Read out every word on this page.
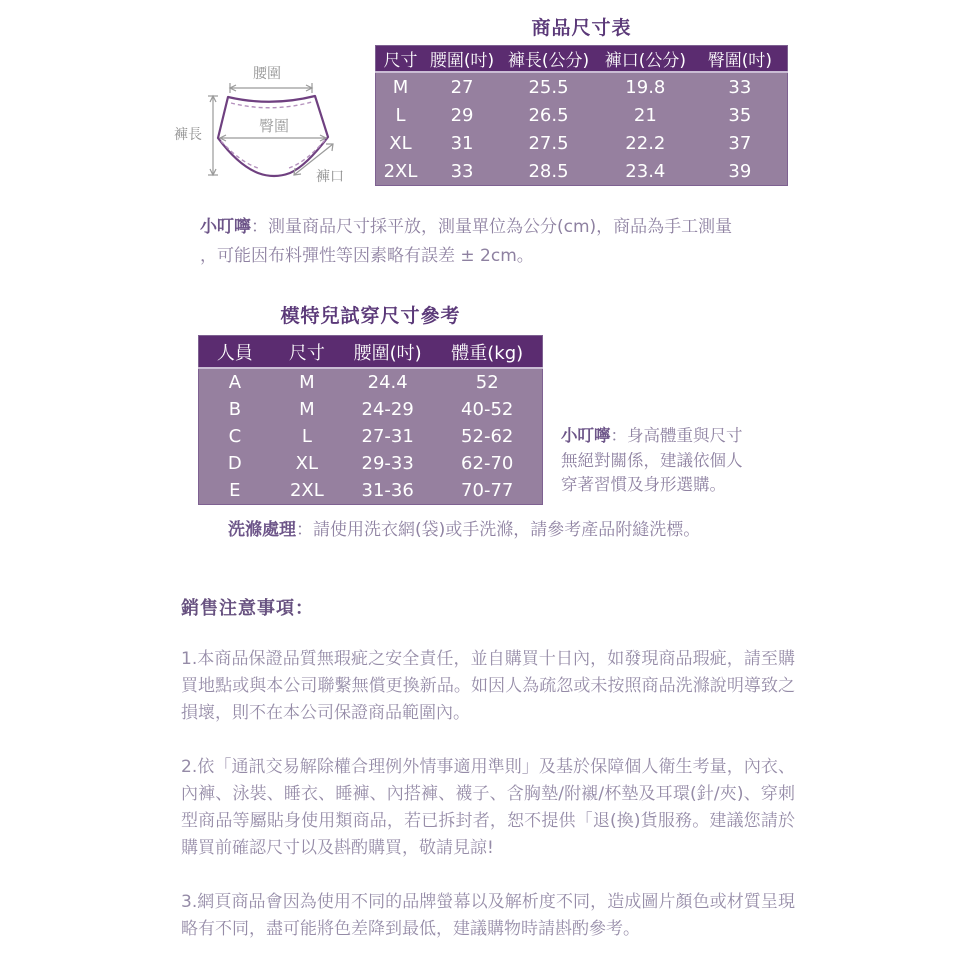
商品尺寸表
腰圍
臀圍
褲長
褲口
尺寸	腰圍(吋)	褲長(公分)	褲口(公分)	臀圍(吋)
M	27	25.5	19.8	33
L	29	26.5	21	35
XL	31	27.5	22.2	37
2XL	33	28.5	23.4	39
小叮嚀：測量商品尺寸採平放，測量單位為公分(cm)，商品為手工測量
，可能因布料彈性等因素略有誤差 ± 2cm。
模特兒試穿尺寸參考
人員	尺寸	腰圍(吋)	體重(kg)
A	M	24.4	52
B	M	24-29	40-52
C	L	27-31	52-62
D	XL	29-33	62-70
E	2XL	31-36	70-77
小叮嚀：身高體重與尺寸
無絕對關係，建議依個人
穿著習慣及身形選購。
洗滌處理：請使用洗衣網(袋)或手洗滌，請參考產品附縫洗標。
銷售注意事項：
1.本商品保證品質無瑕疵之安全責任，並自購買十日內，如發現商品瑕疵，請至購買地點或與本公司聯繫無償更換新品。如因人為疏忽或未按照商品洗滌說明導致之損壞，則不在本公司保證商品範圍內。
2.依「通訊交易解除權合理例外情事適用準則」及基於保障個人衛生考量，內衣、內褲、泳裝、睡衣、睡褲、內搭褲、襪子、含胸墊/附襯/杯墊及耳環(針/夾)、穿刺型商品等屬貼身使用類商品，若已拆封者，恕不提供「退(換)貨服務。建議您請於購買前確認尺寸以及斟酌購買，敬請見諒!
3.網頁商品會因為使用不同的品牌螢幕以及解析度不同，造成圖片顏色或材質呈現略有不同，盡可能將色差降到最低，建議購物時請斟酌參考。
